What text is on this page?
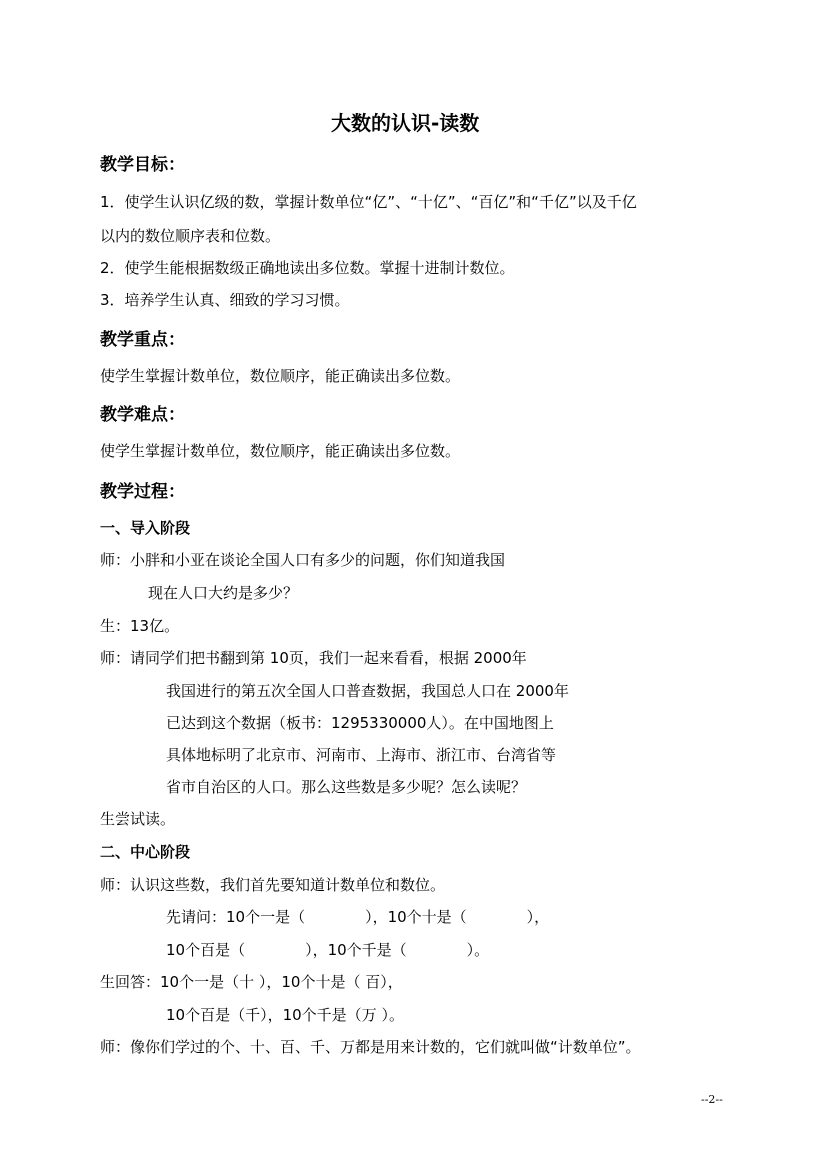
大数的认识-读数
教学目标：
1．使学生认识亿级的数，掌握计数单位“亿”、“十亿”、“百亿”和“千亿”以及千亿
以内的数位顺序表和位数。
2．使学生能根据数级正确地读出多位数。掌握十进制计数位。
3．培养学生认真、细致的学习习惯。
教学重点：
使学生掌握计数单位，数位顺序，能正确读出多位数。
教学难点：
使学生掌握计数单位，数位顺序，能正确读出多位数。
教学过程：
一、导入阶段
师：小胖和小亚在谈论全国人口有多少的问题，你们知道我国
现在人口大约是多少？
生：13亿。
师：请同学们把书翻到第 10页，我们一起来看看，根据 2000年
我国进行的第五次全国人口普查数据，我国总人口在 2000年
已达到这个数据（板书：1295330000人）。在中国地图上
具体地标明了北京市、河南市、上海市、浙江市、台湾省等
省市自治区的人口。那么这些数是多少呢？怎么读呢？
生尝试读。
二、中心阶段
师：认识这些数，我们首先要知道计数单位和数位。
先请问：10个一是（　　　　），10个十是（　　　　），
10个百是（　　　　），10个千是（　　　　）。
生回答：10个一是（十 ），10个十是（ 百），
10个百是（千），10个千是（万 ）。
师：像你们学过的个、十、百、千、万都是用来计数的，它们就叫做“计数单位”。
--2--
